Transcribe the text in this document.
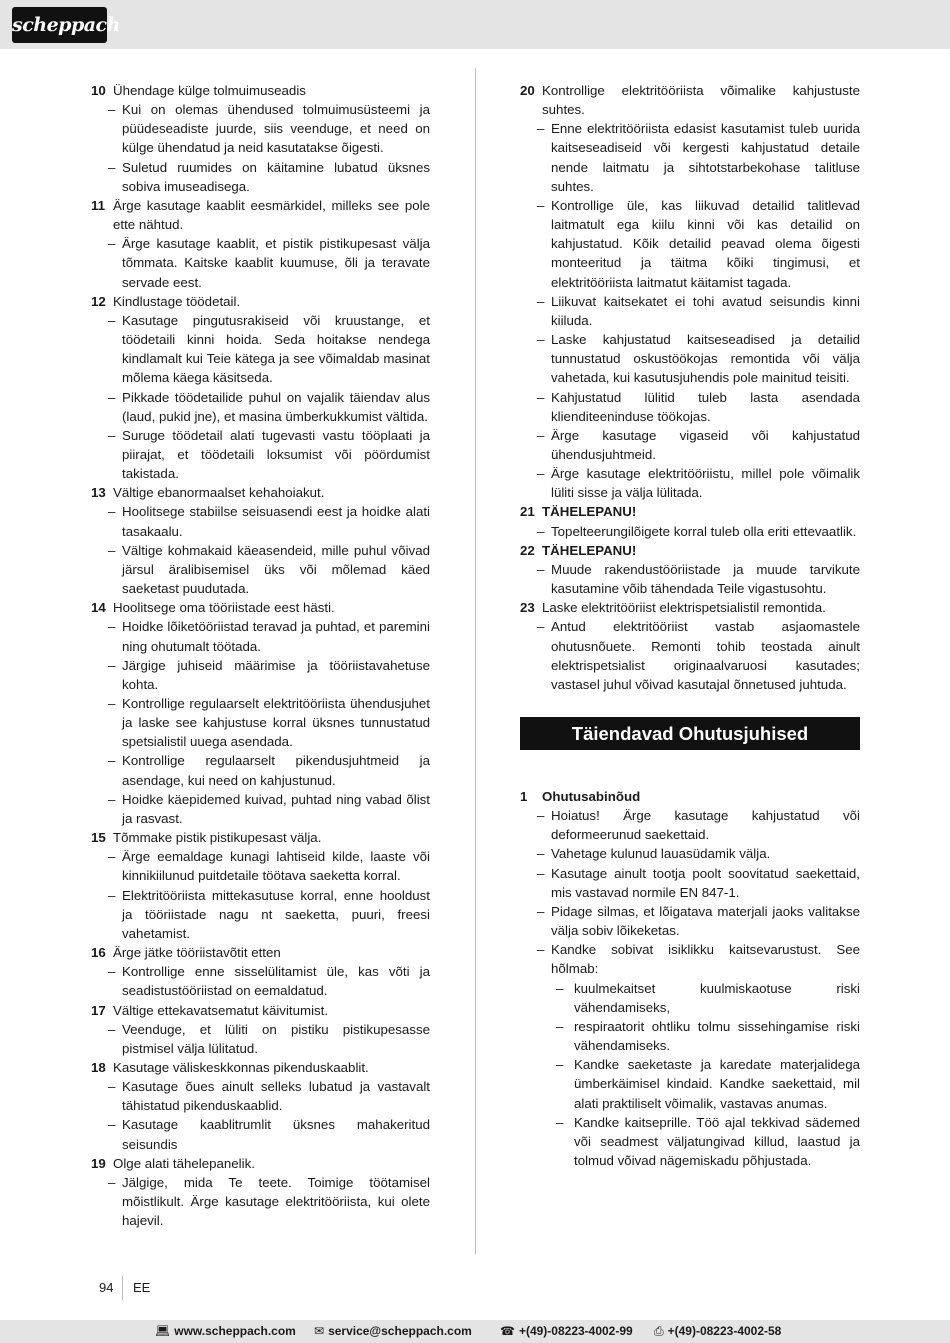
scheppach
10 Ühendage külge tolmuimuseadis
– Kui on olemas ühendused tolmuimusüsteemi ja püüdeseadiste juurde, siis veenduge, et need on külge ühendatud ja neid kasutatakse õigesti.
– Suletud ruumides on käitamine lubatud üksnes sobiva imuseadisega.
11 Ärge kasutage kaablit eesmärkidel, milleks see pole ette nähtud.
– Ärge kasutage kaablit, et pistik pistikupesast välja tõmmata. Kaitske kaablit kuumuse, õli ja teravate servade eest.
12 Kindlustage töödetail.
– Kasutage pingutusrakiseid või kruustange, et töödetaili kinni hoida. Seda hoitakse nendega kindlamalt kui Teie kätega ja see võimaldab masinat mõlema käega käsitseda.
– Pikkade töödetailide puhul on vajalik täiendav alus (laud, pukid jne), et masina ümberkukkumist vältida.
– Suruge töödetail alati tugevasti vastu tööplaati ja piirajat, et töödetaili loksumist või pöördumist takistada.
13 Vältige ebanormaalset kehahoiakut.
– Hoolitsege stabiilse seisuasendi eest ja hoidke alati tasakaalu.
– Vältige kohmakaid käeasendeid, mille puhul võivad järsul äralibisemisel üks või mõlemad käed saeketast puudutada.
14 Hoolitsege oma tööriistade eest hästi.
– Hoidke lõiketööriistad teravad ja puhtad, et paremini ning ohutumalt töötada.
– Järgige juhiseid määrimise ja tööriistavahetuse kohta.
– Kontrollige regulaarselt elektritööriista ühendusjuhet ja laske see kahjustuse korral üksnes tunnustatud spetsialistil uuega asendada.
– Kontrollige regulaarselt pikendusjuhtmeid ja asendage, kui need on kahjustunud.
– Hoidke käepidemed kuivad, puhtad ning vabad õlist ja rasvast.
15 Tõmmake pistik pistikupesast välja.
– Ärge eemaldage kunagi lahtiseid kilde, laaste või kinnikiilunud puitdetaile töötava saeketta korral.
– Elektritööriista mittekasutuse korral, enne hooldust ja tööriistade nagu nt saeketta, puuri, freesi vahetamist.
16 Ärge jätke tööriistavõtit etten
– Kontrollige enne sisselülitamist üle, kas võti ja seadistustööriistad on eemaldatud.
17 Vältige ettekavatsematut käivitumist.
– Veenduge, et lüliti on pistiku pistikupesasse pistmisel välja lülitatud.
18 Kasutage väliskeskkonnas pikenduskaablit.
– Kasutage õues ainult selleks lubatud ja vastavalt tähistatud pikenduskaablid.
– Kasutage kaablitrumlit üksnes mahakeritud seisundis
19 Olge alati tähelepanelik.
– Jälgige, mida Te teete. Toimige töötamisel mõistlikult. Ärge kasutage elektritööriista, kui olete hajevil.
20 Kontrollige elektritööriista võimalike kahjustuste suhtes.
– Enne elektritööriista edasist kasutamist tuleb uurida kaitseseadiseid või kergesti kahjustatud detaile nende laitmatu ja sihtotstarbekohase talitluse suhtes.
– Kontrollige üle, kas liikuvad detailid talitlevad laitmatult ega kiilu kinni või kas detailid on kahjustatud. Kõik detailid peavad olema õigesti monteeritud ja täitma kõiki tingimusi, et elektritööriista laitmatut käitamist tagada.
– Liikuvat kaitsekatet ei tohi avatud seisundis kinni kiiluda.
– Laske kahjustatud kaitseseadised ja detailid tunnustatud oskustöökojas remontida või välja vahetada, kui kasutusjuhendis pole mainitud teisiti.
– Kahjustatud lülitid tuleb lasta asendada klienditeeninduse töökojas.
– Ärge kasutage vigaseid või kahjustatud ühendusjuhtmeid.
– Ärge kasutage elektritööriistu, millel pole võimalik lüliti sisse ja välja lülitada.
21 TÄHELEPANU!
– Topelteerungilõigete korral tuleb olla eriti ettevaatlik.
22 TÄHELEPANU!
– Muude rakendustööriistade ja muude tarvikute kasutamine võib tähendada Teile vigastusohtu.
23 Laske elektritööriist elektrispetsialistil remontida.
– Antud elektritööriist vastab asjaomastele ohutusnõuete. Remonti tohib teostada ainult elektrispetsialist originaalvaruosi kasutades; vastasel juhul võivad kasutajal õnnetused juhtuda.
Täiendavad Ohutusjuhised
1 Ohutusabinõud
– Hoiatus! Ärge kasutage kahjustatud või deformeerunud saekettaid.
– Vahetage kulunud lauasüdamik välja.
– Kasutage ainult tootja poolt soovitatud saekettaid, mis vastavad normile EN 847-1.
– Pidage silmas, et lõigatava materjali jaoks valitakse välja sobiv lõikeketas.
– Kandke sobivat isiklikku kaitsevarustust. See hõlmab:
– kuulmekaitset kuulmiskaotuse riski vähendamiseks,
– respiraatorit ohtliku tolmu sissehingamise riski vähendamiseks.
– Kandke saeketaste ja karedate materjalidega ümberkäimisel kindaid. Kandke saekettaid, mil alati praktiliselt võimalik, vastavas anumas.
– Kandke kaitseprille. Töö ajal tekkivad sädemed või seadmest väljatungivad killud, laastud ja tolmud võivad nägemiskadu põhjustada.
94 EE
💻︎ www.scheppach.com ✉︎ service@scheppach.com ☎︎ +(49)-08223-4002-99 ⎙ +(49)-08223-4002-58
